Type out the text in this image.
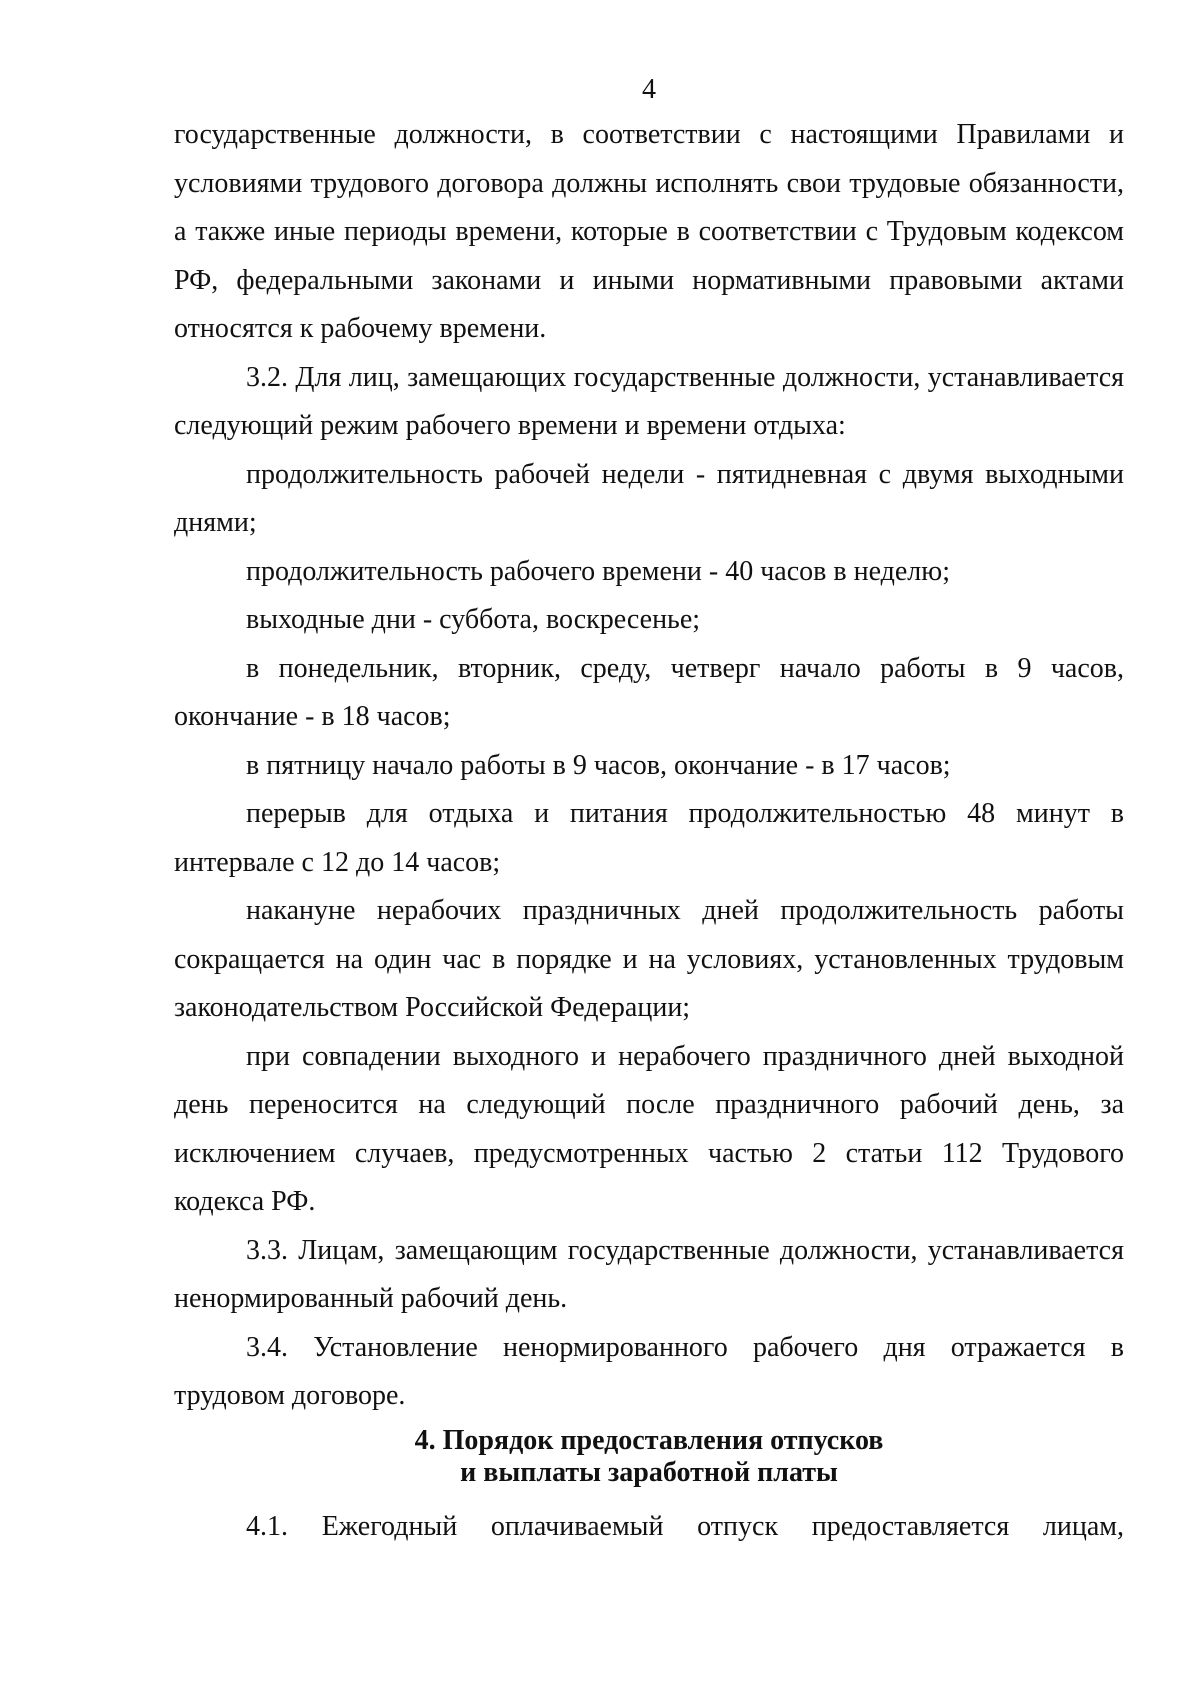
4

государственные должности, в соответствии с настоящими Правилами и условиями трудового договора должны исполнять свои трудовые обязанности, а также иные периоды времени, которые в соответствии с Трудовым кодексом РФ, федеральными законами и иными нормативными правовыми актами относятся к рабочему времени.

3.2. Для лиц, замещающих государственные должности, устанавливается следующий режим рабочего времени и времени отдыха:

продолжительность рабочей недели - пятидневная с двумя выходными днями;

продолжительность рабочего времени - 40 часов в неделю;

выходные дни - суббота, воскресенье;

в понедельник, вторник, среду, четверг начало работы в 9 часов, окончание - в 18 часов;

в пятницу начало работы в 9 часов, окончание - в 17 часов;

перерыв для отдыха и питания продолжительностью 48 минут в интервале с 12 до 14 часов;

накануне нерабочих праздничных дней продолжительность работы сокращается на один час в порядке и на условиях, установленных трудовым законодательством Российской Федерации;

при совпадении выходного и нерабочего праздничного дней выходной день переносится на следующий после праздничного рабочий день, за исключением случаев, предусмотренных частью 2 статьи 112 Трудового кодекса РФ.

3.3. Лицам, замещающим государственные должности, устанавливается ненормированный рабочий день.

3.4. Установление ненормированного рабочего дня отражается в трудовом договоре.

4. Порядок предоставления отпусков
и выплаты заработной платы

4.1. Ежегодный оплачиваемый отпуск предоставляется лицам,
